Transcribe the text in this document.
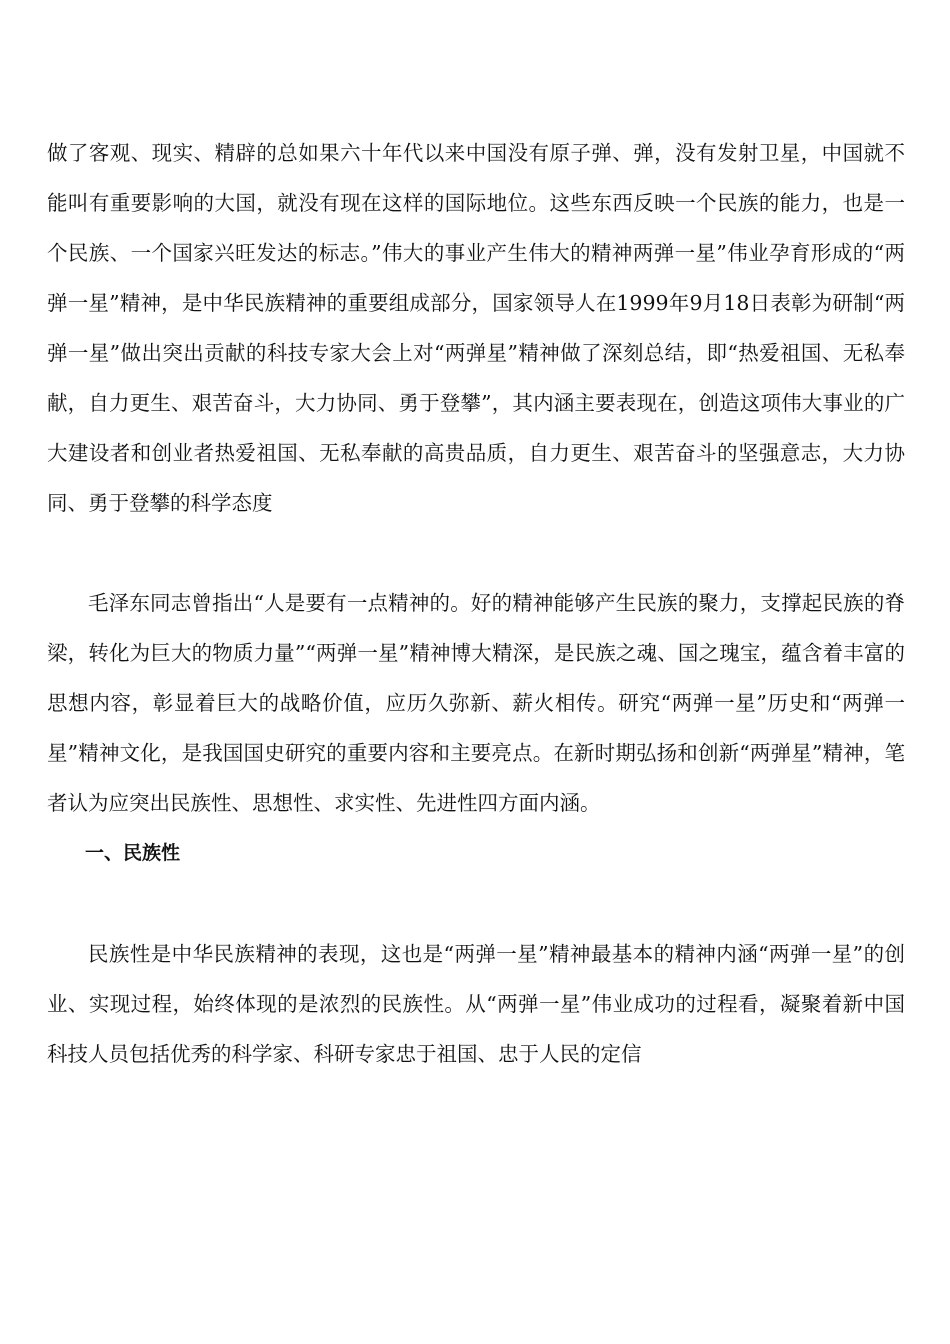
做了客观、现实、精辟的总如果六十年代以来中国没有原子弹、弹，没有发射卫星，中国就不能叫有重要影响的大国，就没有现在这样的国际地位。这些东西反映一个民族的能力，也是一个民族、一个国家兴旺发达的标志。”伟大的事业产生伟大的精神两弹一星”伟业孕育形成的“两弹一星”精神，是中华民族精神的重要组成部分，国家领导人在1999年9月18日表彰为研制“两弹一星”做出突出贡献的科技专家大会上对“两弹星”精神做了深刻总结，即“热爱祖国、无私奉献，自力更生、艰苦奋斗，大力协同、勇于登攀”，其内涵主要表现在，创造这项伟大事业的广大建设者和创业者热爱祖国、无私奉献的高贵品质，自力更生、艰苦奋斗的坚强意志，大力协同、勇于登攀的科学态度

毛泽东同志曾指出“人是要有一点精神的。好的精神能够产生民族的聚力，支撑起民族的脊梁，转化为巨大的物质力量”“两弹一星”精神博大精深，是民族之魂、国之瑰宝，蕴含着丰富的思想内容，彰显着巨大的战略价值，应历久弥新、薪火相传。研究“两弹一星”历史和“两弹一星”精神文化，是我国国史研究的重要内容和主要亮点。在新时期弘扬和创新“两弹星”精神，笔者认为应突出民族性、思想性、求实性、先进性四方面内涵。

一、民族性

民族性是中华民族精神的表现，这也是“两弹一星”精神最基本的精神内涵“两弹一星”的创业、实现过程，始终体现的是浓烈的民族性。从“两弹一星”伟业成功的过程看，凝聚着新中国科技人员包括优秀的科学家、科研专家忠于祖国、忠于人民的定信
